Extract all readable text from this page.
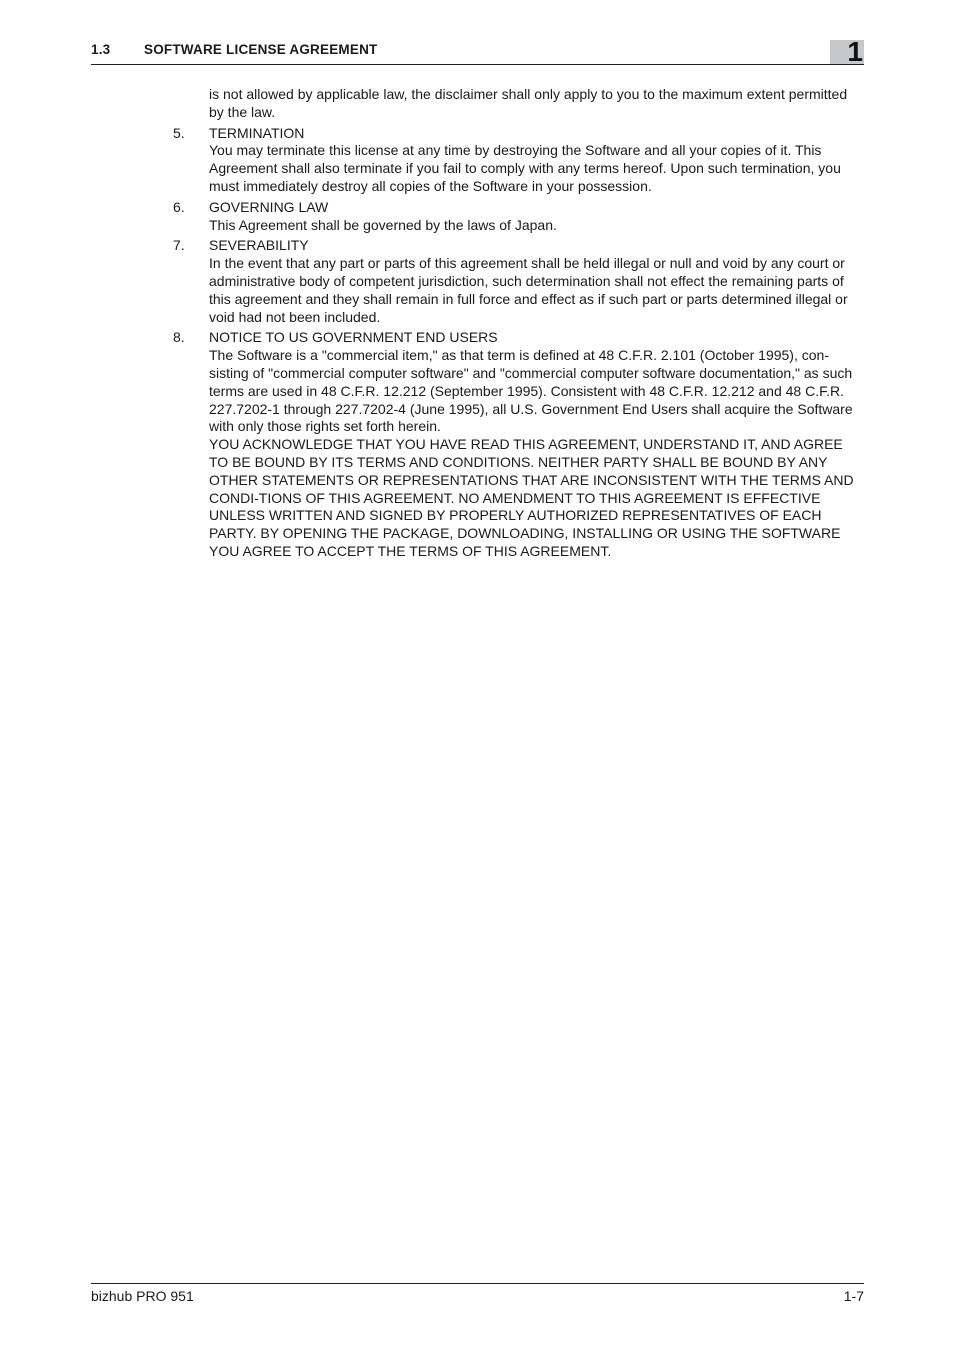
1.3 SOFTWARE LICENSE AGREEMENT	1

is not allowed by applicable law, the disclaimer shall only apply to you to the maximum extent permitted by the law.

5. TERMINATION

You may terminate this license at any time by destroying the Software and all your copies of it. This Agreement shall also terminate if you fail to comply with any terms hereof. Upon such termination, you must immediately destroy all copies of the Software in your possession.

6. GOVERNING LAW

This Agreement shall be governed by the laws of Japan.

7. SEVERABILITY

In the event that any part or parts of this agreement shall be held illegal or null and void by any court or administrative body of competent jurisdiction, such determination shall not effect the remaining parts of this agreement and they shall remain in full force and effect as if such part or parts determined illegal or void had not been included.

8. NOTICE TO US GOVERNMENT END USERS

The Software is a "commercial item," as that term is defined at 48 C.F.R. 2.101 (October 1995), con-sisting of "commercial computer software" and "commercial computer software documentation," as such terms are used in 48 C.F.R. 12.212 (September 1995). Consistent with 48 C.F.R. 12.212 and 48 C.F.R. 227.7202-1 through 227.7202-4 (June 1995), all U.S. Government End Users shall acquire the Software with only those rights set forth herein.

YOU ACKNOWLEDGE THAT YOU HAVE READ THIS AGREEMENT, UNDERSTAND IT, AND AGREE TO BE BOUND BY ITS TERMS AND CONDITIONS. NEITHER PARTY SHALL BE BOUND BY ANY OTHER STATEMENTS OR REPRESENTATIONS THAT ARE INCONSISTENT WITH THE TERMS AND CONDI-TIONS OF THIS AGREEMENT. NO AMENDMENT TO THIS AGREEMENT IS EFFECTIVE UNLESS WRITTEN AND SIGNED BY PROPERLY AUTHORIZED REPRESENTATIVES OF EACH PARTY. BY OPENING THE PACKAGE, DOWNLOADING, INSTALLING OR USING THE SOFTWARE YOU AGREE TO ACCEPT THE TERMS OF THIS AGREEMENT.

bizhub PRO 951	1-7
